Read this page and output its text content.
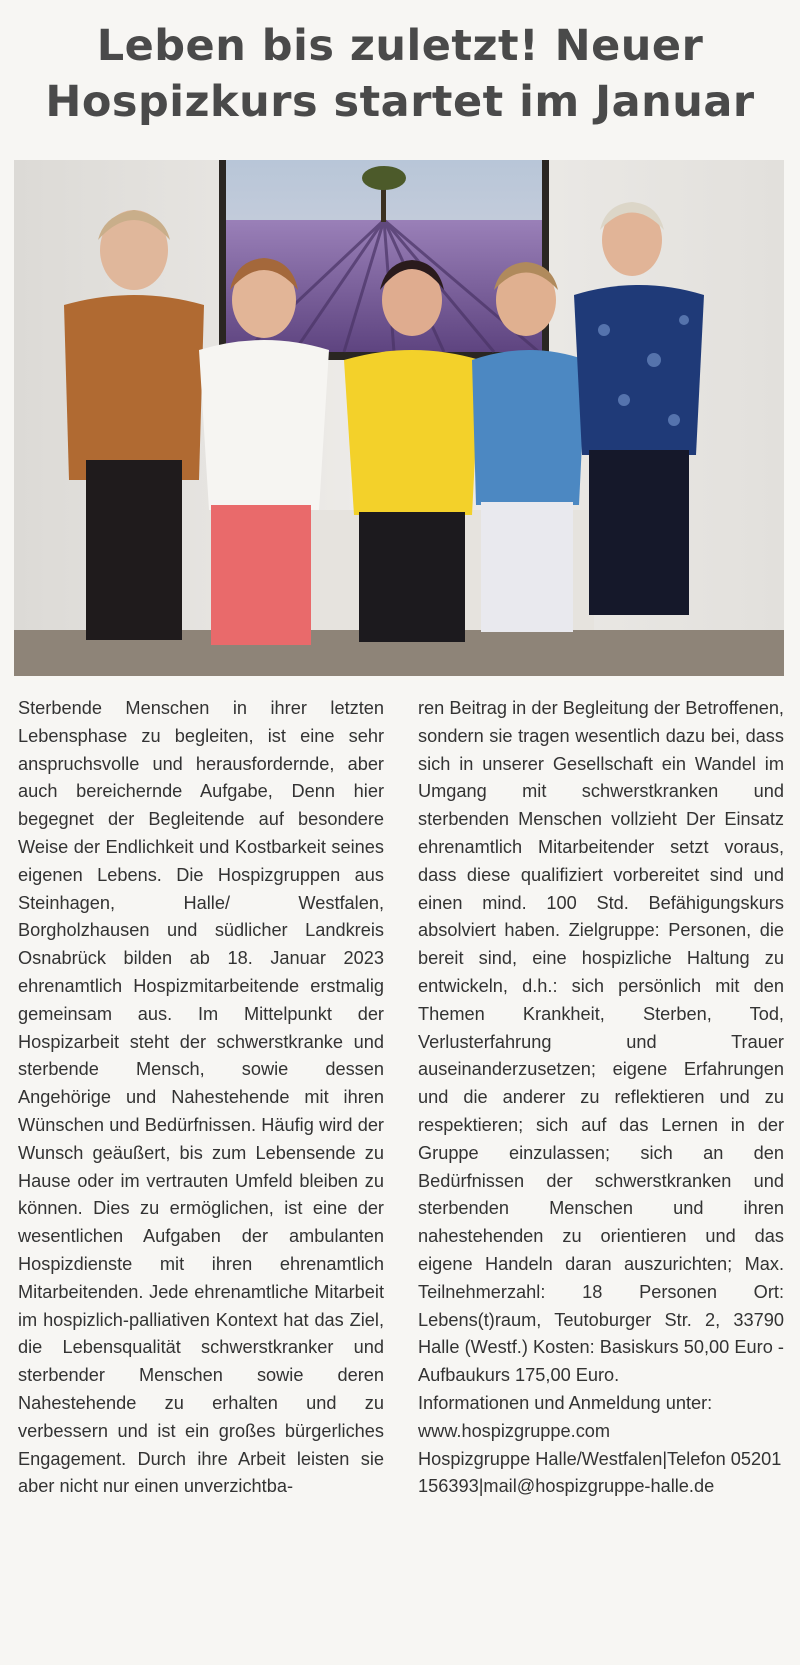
Leben bis zuletzt! Neuer
Hospizkurs startet im Januar

Sterbende Menschen in ihrer letzten Lebensphase zu begleiten, ist eine sehr anspruchsvolle und herausfordernde, aber auch bereichernde Aufgabe, Denn hier begegnet der Begleitende auf besondere Weise der Endlichkeit und Kostbarkeit seines eigenen Lebens. Die Hospizgruppen aus Steinhagen, Halle/ Westfalen, Borgholzhausen und südlicher Landkreis Osnabrück bilden ab 18. Januar 2023 ehrenamtlich Hospizmitarbeitende erstmalig gemeinsam aus. Im Mittelpunkt der Hospizarbeit steht der schwerstkranke und sterbende Mensch, sowie dessen Angehörige und Nahestehende mit ihren Wünschen und Bedürfnissen. Häufig wird der Wunsch geäußert, bis zum Lebensende zu Hause oder im vertrauten Umfeld bleiben zu können. Dies zu ermöglichen, ist eine der wesentlichen Aufgaben der ambulanten Hospizdienste mit ihren ehrenamtlich Mitarbeitenden. Jede ehrenamtliche Mitarbeit im hospizlich-palliativen Kontext hat das Ziel, die Lebensqualität schwerstkranker und sterbender Menschen sowie deren Nahestehende zu erhalten und zu verbessern und ist ein großes bürgerliches Engagement. Durch ihre Arbeit leisten sie aber nicht nur einen unverzichtba-

ren Beitrag in der Begleitung der Betroffenen, sondern sie tragen wesentlich dazu bei, dass sich in unserer Gesellschaft ein Wandel im Umgang mit schwerstkranken und sterbenden Menschen vollzieht Der Einsatz ehrenamtlich Mitarbeitender setzt voraus, dass diese qualifiziert vorbereitet sind und einen mind. 100 Std. Befähigungskurs absolviert haben. Zielgruppe: Personen, die bereit sind, eine hospizliche Haltung zu entwickeln, d.h.: sich persönlich mit den Themen Krankheit, Sterben, Tod, Verlusterfahrung und Trauer auseinanderzusetzen; eigene Erfahrungen und die anderer zu reflektieren und zu respektieren; sich auf das Lernen in der Gruppe einzulassen; sich an den Bedürfnissen der schwerstkranken und sterbenden Menschen und ihren nahestehenden zu orientieren und das eigene Handeln daran auszurichten; Max. Teilnehmerzahl: 18 Personen Ort: Lebens(t)raum, Teutoburger Str. 2, 33790 Halle (Westf.) Kosten: Basiskurs 50,00 Euro - Aufbaukurs 175,00 Euro.

Informationen und Anmeldung unter: www.hospizgruppe.com

Hospizgruppe Halle/Westfalen|Telefon 05201 156393|mail@hospizgruppe-halle.de
